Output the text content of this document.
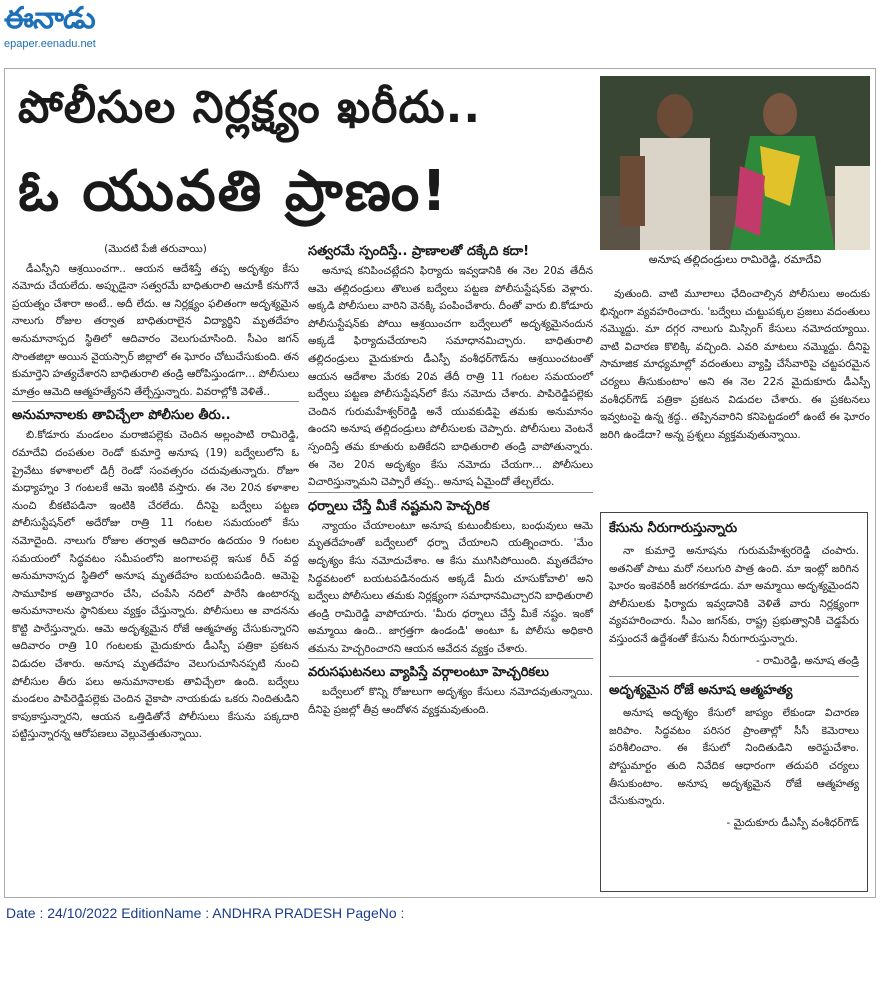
ఈనాడు
epaper.eenadu.net
పోలీసుల నిర్లక్ష్యం ఖరీదు..
ఓ యువతి ప్రాణం!
అనూష తల్లిదండ్రులు రామిరెడ్డి, రమాదేవి
(మొదటి పేజీ తరువాయి)

డీఎస్పీని ఆశ్రయించగా.. ఆయన ఆదేశిస్తే తప్ప అదృశ్యం కేసు నమోదు చేయలేదు. అప్పుడైనా సత్వరమే బాధితురాలి ఆచూకీ కనుగొనే ప్రయత్నం చేశారా అంటే.. అదీ లేదు. ఆ నిర్లక్ష్యం ఫలితంగా అదృశ్యమైన నాలుగు రోజుల తర్వాత బాధితురాలైన విద్యార్థిని మృతదేహం అనుమానాస్పద స్థితిలో ఆదివారం వెలుగుచూసింది. సీఎం జగన్ సొంతజిల్లా అయిన వైయస్సార్ జిల్లాలో ఈ ఘోరం చోటుచేసుకుంది. తన కుమార్తెని హత్యచేశారని బాధితురాలి తండ్రి ఆరోపిస్తుండగా... పోలీసులు మాత్రం ఆమెది ఆత్మహత్యేనని తేల్చేస్తున్నారు. వివరాల్లోకి వెళితే..

అనుమానాలకు తావిచ్చేలా పోలీసుల తీరు..

బి.కోడూరు మండలం మరాజిపల్లెకు చెందిన అల్లంపాటి రామిరెడ్డి, రమాదేవి దంపతుల రెండో కుమార్తె అనూష (19) బద్వేలులోని ఓ ప్రైవేటు కళాశాలలో డిగ్రీ రెండో సంవత్సరం చదువుతున్నారు. రోజూ మధ్యాహ్నం 3 గంటలకే ఆమె ఇంటికి వస్తారు. ఈ నెల 20న కళాశాల నుంచి బీకటిపడినా ఇంటికి చేరలేదు. దీనిపై బద్వేలు పట్టణ పోలీసుస్టేషన్‌లో అదేరోజు రాత్రి 11 గంటల సమయంలో కేసు నమోదైంది. నాలుగు రోజుల తర్వాత ఆదివారం ఉదయం 9 గంటల సమయంలో సిద్ధవటం సమీపంలోని జంగాలపల్లె ఇసుక రీచ్ వద్ద అనుమానాస్పద స్థితిలో అనూష మృతదేహం బయటపడింది. ఆమెపై సామూహిక అత్యాచారం చేసి, చంపేసి నదిలో పారేసి ఉంటారన్న అనుమానాలను స్థానికులు వ్యక్తం చేస్తున్నారు. పోలీసులు ఆ వాదనను కొట్టి పారేస్తున్నారు. ఆమె అదృశ్యమైన రోజే ఆత్మహత్య చేసుకున్నారని ఆదివారం రాత్రి 10 గంటలకు మైదుకూరు డీఎస్పీ పత్రికా ప్రకటన విడుదల చేశారు. అనూష మృతదేహం వెలుగుచూసినప్పటి నుంచి పోలీసుల తీరు పలు అనుమానాలకు తావిచ్చేలా ఉంది. బద్వేలు మండలం పాపిరెడ్డిపల్లెకు చెందిన వైకాపా నాయకుడు ఒకరు నిందితుడిని కాపుకాస్తున్నారని, ఆయన ఒత్తిడితోనే పోలీసులు కేసును పక్కదారి పట్టిస్తున్నారన్న ఆరోపణలు వెల్లువెత్తుతున్నాయి.

సత్వరమే స్పందిస్తే.. ప్రాణాలతో దక్కేది కదా!

అనూష కనిపించట్లేదని ఫిర్యాదు ఇవ్వడానికి ఈ నెల 20వ తేదీన ఆమె తల్లిదండ్రులు తొలుత బద్వేలు పట్టణ పోలీసుస్టేషన్‌కు వెళ్లారు. అక్కడి పోలీసులు వారిని వెనక్కి పంపించేశారు. దీంతో వారు బి.కోడూరు పోలీసుస్టేషన్‌కు పోయి ఆశ్రయించగా బద్వేలులో అదృశ్యమైనందున అక్కడే ఫిర్యాదుచేయాలని సమాధానమిచ్చారు. బాధితురాలి తల్లిదండ్రులు మైదుకూరు డీఎస్పీ వంశీధర్‌గౌడ్‌ను ఆశ్రయించటంతో ఆయన ఆదేశాల మేరకు 20వ తేదీ రాత్రి 11 గంటల సమయంలో బద్వేలు పట్టణ పోలీసుస్టేషన్‌లో కేసు నమోదు చేశారు. పాపిరెడ్డిపల్లెకు చెందిన గురుమహేశ్వర్‌రెడ్డి అనే యువకుడిపై తమకు అనుమానం ఉందని అనూష తల్లిదండ్రులు పోలీసులకు చెప్పారు. పోలీసులు వెంటనే స్పందిస్తే తమ కూతురు బతికేదని బాధితురాలి తండ్రి వాపోతున్నారు. ఈ నెల 20న అదృశ్యం కేసు నమోదు చేయగా... పోలీసులు విచారిస్తున్నామని చెప్పారే తప్ప.. అనూష ఏమైందో తేల్చలేదు.

ధర్నాలు చేస్తే మీకే నష్టమని హెచ్చరిక

న్యాయం చేయాలంటూ అనూష కుటుంబీకులు, బంధువులు ఆమె మృతదేహంతో బద్వేలులో ధర్నా చేయాలని యత్నించారు. 'మేం అదృశ్యం కేసు నమోదుచేశాం. ఆ కేసు ముగిసిపోయింది. మృతదేహం సిద్ధవటంలో బయటపడినందున అక్కడే మీరు చూసుకోవాలి' అని బద్వేలు పోలీసులు తమకు నిర్లక్ష్యంగా సమాధానమిచ్చారని బాధితురాలి తండ్రి రామిరెడ్డి వాపోయారు. 'మీరు ధర్నాలు చేస్తే మీకే నష్టం. ఇంకో అమ్మాయి ఉంది.. జాగ్రత్తగా ఉండండి' అంటూ ఓ పోలీసు అధికారి తమను హెచ్చరించారని ఆయన ఆవేదన వ్యక్తం చేశారు.

వరుసఘటనలు వ్యాపిస్తే వర్గాలంటూ హెచ్చరికలు

బద్వేలులో కొన్ని రోజులుగా అదృశ్యం కేసులు నమోదవుతున్నాయి. దీనిపై ప్రజల్లో తీవ్ర ఆందోళన వ్యక్తమవుతుంది.

వుతుంది. వాటి మూలాలు ఛేదించాల్సిన పోలీసులు అందుకు భిన్నంగా వ్యవహరించారు. 'బద్వేలు చుట్టుపక్కల ప్రజలు వదంతులు నమ్మొద్దు. మా దగ్గర నాలుగు మిస్సింగ్ కేసులు నమోదయ్యాయి. వాటి విచారణ కొలిక్కి వచ్చింది. ఎవరి మాటలు నమ్మొద్దు. దీనిపై సామాజిక మాధ్యమాల్లో వదంతులు వ్యాప్తి చేసేవారిపై చట్టపరమైన చర్యలు తీసుకుంటాం' అని ఈ నెల 22న మైదుకూరు డీఎస్పీ వంశీధర్‌గౌడ్ పత్రికా ప్రకటన విడుదల చేశారు. ఈ ప్రకటనలు ఇవ్వటంపై ఉన్న శ్రద్ధ.. తప్పినవారిని కనిపెట్టడంలో ఉంటే ఈ ఘోరం జరిగి ఉండేదా? అన్న ప్రశ్నలు వ్యక్తమవుతున్నాయి.

కేసును నీరుగారుస్తున్నారు

నా కుమార్తె అనూషను గురుమహేశ్వరరెడ్డి చంపారు. అతనితో పాటు మరో నలుగురి పాత్ర ఉంది. మా ఇంట్లో జరిగిన ఘోరం ఇంకెవరికీ జరగకూడదు. మా అమ్మాయి అదృశ్యమైందని పోలీసులకు ఫిర్యాదు ఇవ్వడానికి వెళితే వారు నిర్లక్ష్యంగా వ్యవహరించారు. సీఎం జగన్‌కు, రాష్ట్ర ప్రభుత్వానికి చెడ్డపేరు వస్తుందనే ఉద్దేశంతో కేసును నీరుగారుస్తున్నారు.

- రామిరెడ్డి, అనూష తండ్రి

అదృశ్యమైన రోజే అనూష ఆత్మహత్య

అనూష అదృశ్యం కేసులో జాప్యం లేకుండా విచారణ జరిపాం. సిద్ధవటం పరిసర ప్రాంతాల్లో సీసీ కెమెరాలు పరిశీలించాం. ఈ కేసులో నిందితుడిని అరెస్టుచేశాం. పోస్టుమార్టం తుది నివేదిక ఆధారంగా తదుపరి చర్యలు తీసుకుంటాం. అనూష అదృశ్యమైన రోజే ఆత్మహత్య చేసుకున్నారు.

- మైదుకూరు డీఎస్పీ వంశీధర్‌గౌడ్

Date : 24/10/2022 EditionName : ANDHRA PRADESH PageNo :
